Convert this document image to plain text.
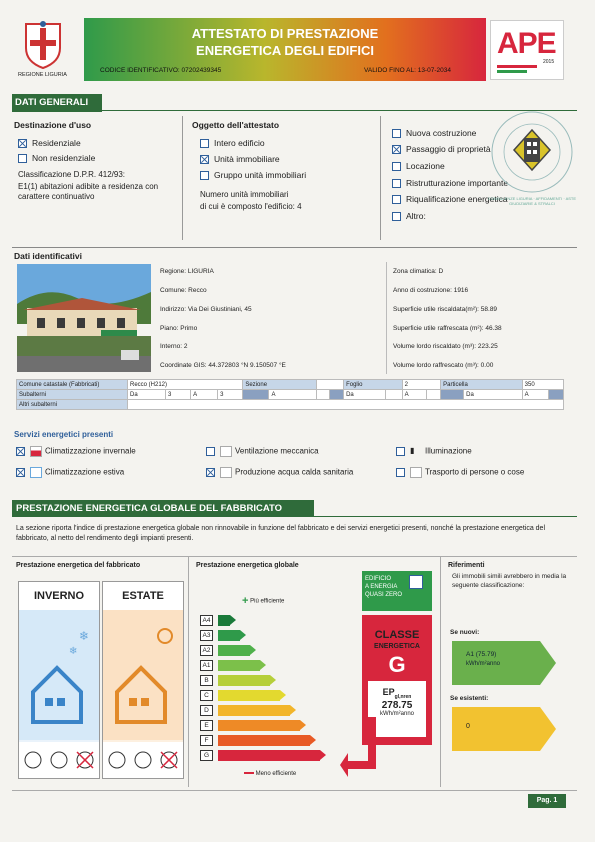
REGIONE LIGURIA
ATTESTATO DI PRESTAZIONE
ENERGETICA DEGLI EDIFICI
CODICE IDENTIFICATIVO: 07202439345	VALIDO FINO AL: 13-07-2034
APE
2015
DATI GENERALI
Destinazione d'uso
Residenziale
Non residenziale
Classificazione D.P.R. 412/93:
E1(1) abitazioni adibite a residenza con carattere continuativo
Oggetto dell'attestato
Intero edificio
Unità immobiliare
Gruppo unità immobiliari
Numero unità immobiliari
di cui è composto l'edificio: 4
Nuova costruzione
Passaggio di proprietà
Locazione
Ristrutturazione importante
Riqualificazione energetica
Altro:
CONSULENZE LIGURIA · AFFIDAMENTI · ASTE GIUDIZIARIE & STRALCI
Dati identificativi
Regione: LIGURIA
Comune: Recco
Indirizzo: Via Dei Giustiniani, 45
Piano: Primo
Interno: 2
Coordinate GIS: 44.372803 °N 9.150507 °E
Zona climatica: D
Anno di costruzione: 1916
Superficie utile riscaldata(m²): 58.89
Superficie utile raffrescata (m²): 46.38
Volume lordo riscaldato (m³): 223.25
Volume lordo raffrescato (m³): 0.00
Comune catastale (Fabbricati)	Recco (H212)				Sezione				Foglio		2		Particella		350	
Subalterni	Da	3	A	3		A			Da		A			Da	A	
Altri subalterni																
Servizi energetici presenti
Climatizzazione invernale
Climatizzazione estiva
Ventilazione meccanica
Produzione acqua calda sanitaria
▮ Illuminazione
Trasporto di persone o cose
PRESTAZIONE ENERGETICA GLOBALE DEL FABBRICATO
La sezione riporta l'indice di prestazione energetica globale non rinnovabile in funzione del fabbricato e dei servizi energetici presenti, nonché la prestazione energetica del fabbricato, al netto del rendimento degli impianti presenti.
Prestazione energetica del fabbricato
INVERNO
❄
❄
ESTATE
Prestazione energetica globale
+ Più efficiente
Meno efficiente
EDIFICIO
A ENERGIA
QUASI ZERO
CLASSE
ENERGETICA
G
$EP_{gl,nren}$
278.75
kWh/m²anno
A4
A3
A2
A1
B
C
D
E
F
G
Riferimenti
Gli immobili simili avrebbero in media la seguente classificazione:
Se nuovi:
A1 (75.79)
kWh/m²anno
Se esistenti:
0
Pag. 1
